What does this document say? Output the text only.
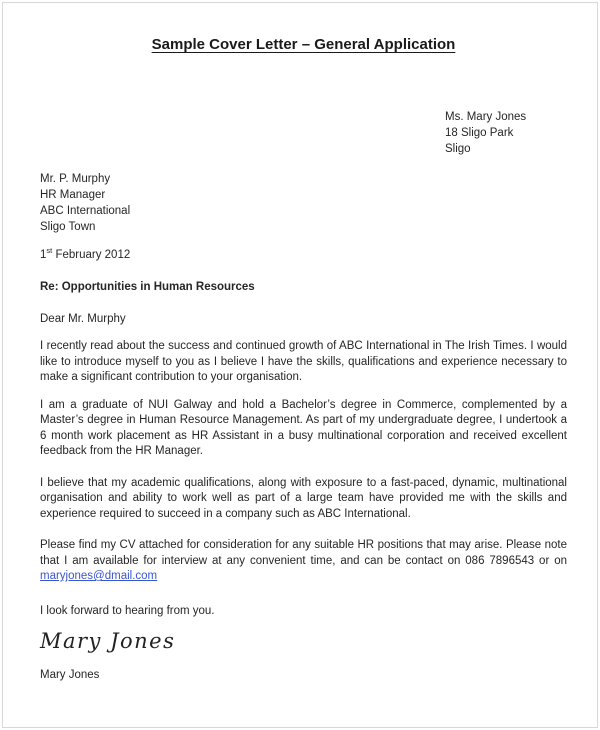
Sample Cover Letter – General Application
Ms. Mary Jones
18 Sligo Park
Sligo
Mr. P. Murphy
HR Manager
ABC International
Sligo Town

1st February 2012

Re: Opportunities in Human Resources

Dear Mr. Murphy

I recently read about the success and continued growth of ABC International in The Irish Times. I would like to introduce myself to you as I believe I have the skills, qualifications and experience necessary to make a significant contribution to your organisation.

I am a graduate of NUI Galway and hold a Bachelor’s degree in Commerce, complemented by a Master’s degree in Human Resource Management. As part of my undergraduate degree, I undertook a 6 month work placement as HR Assistant in a busy multinational corporation and received excellent feedback from the HR Manager.

I believe that my academic qualifications, along with exposure to a fast-paced, dynamic, multinational organisation and ability to work well as part of a large team have provided me with the skills and experience required to succeed in a company such as ABC International.

Please find my CV attached for consideration for any suitable HR positions that may arise. Please note that I am available for interview at any convenient time, and can be contact on 086 7896543 or on maryjones@dmail.com

I look forward to hearing from you.

Mary Jones
Mary Jones
